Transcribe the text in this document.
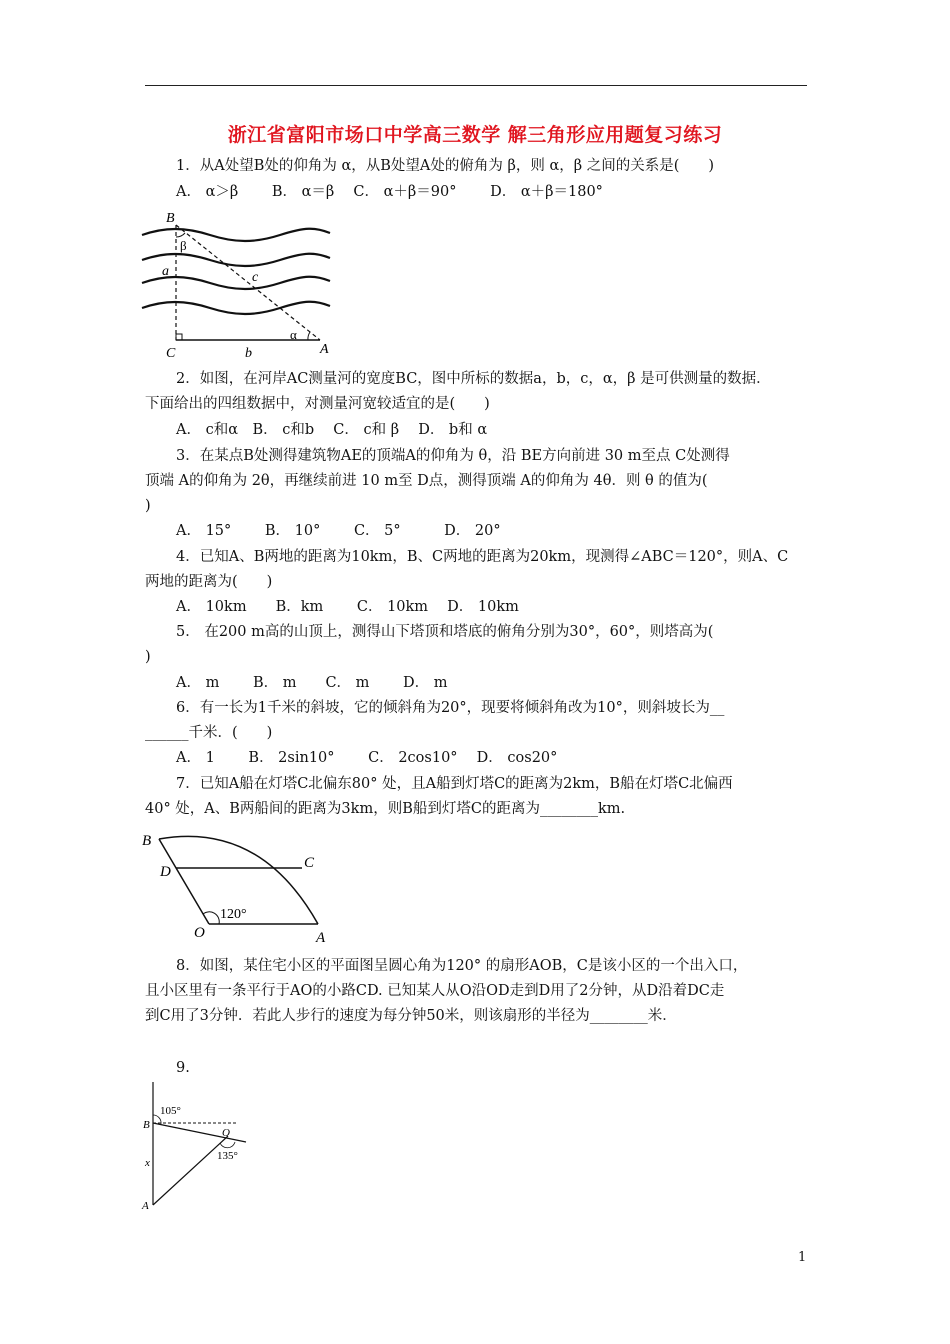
浙江省富阳市场口中学高三数学 解三角形应用题复习练习
1．从A处望B处的仰角为 α，从B处望A处的俯角为 β，则 α，β 之间的关系是(　　)
A． α＞β　　 B． α＝β　 C． α＋β＝90°　　 D． α＋β＝180°
B
β
a	c
α
C	b	A
2．如图，在河岸AC测量河的宽度BC，图中所标的数据a，b，c，α，β 是可供测量的数据．
下面给出的四组数据中，对测量河宽较适宜的是(　　)
A． c和α　B． c和b　 C． c和 β　 D． b和 α
3．在某点B处测得建筑物AE的顶端A的仰角为 θ，沿 BE方向前进 30 m至点 C处测得
顶端 A的仰角为 2θ，再继续前进 10 m至 D点，测得顶端 A的仰角为 4θ．则 θ 的值为(
)
A． 15°　　 B． 10°　　 C． 5°　　　D． 20°
4．已知A、B两地的距离为10km，B、C两地的距离为20km，现测得∠ABC＝120°，则A、C
两地的距离为(　　)
A． 10km　　B．km　　 C． 10km　 D． 10km
5． 在200 m高的山顶上，测得山下塔顶和塔底的俯角分别为30°，60°，则塔高为(
)
A． m　　 B． m　　C． m　　 D． m
6．有一长为1千米的斜坡，它的倾斜角为20°，现要将倾斜角改为10°，则斜坡长为__
______千米．(　　)
A． 1　　 B． 2sin10°　　 C． 2cos10°　 D． cos20°
7．已知A船在灯塔C北偏东80° 处，且A船到灯塔C的距离为2km，B船在灯塔C北偏西
40° 处，A、B两船间的距离为3km，则B船到灯塔C的距离为________km.
B
C
D
120°
O	A
8．如图，某住宅小区的平面图呈圆心角为120° 的扇形AOB，C是该小区的一个出入口，
且小区里有一条平行于AO的小路CD. 已知某人从O沿OD走到D用了2分钟，从D沿着DC走
到C用了3分钟．若此人步行的速度为每分钟50米，则该扇形的半径为________米．
9.
105°
B
O
x
135°
A
1
